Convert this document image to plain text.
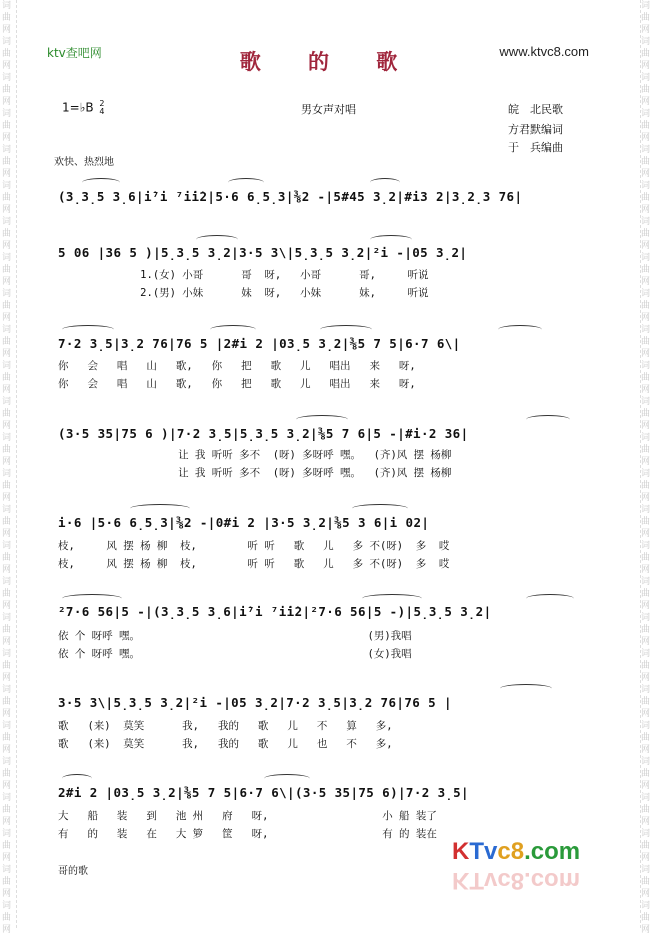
词曲网词曲网词曲网词曲网词曲网词曲网词曲网词曲网词曲网词曲网词曲网词曲网词曲网词曲网词曲网词曲网词曲网词曲网词曲网词曲网词曲网词曲网词曲网词曲网词曲网词曲网
词曲网词曲网词曲网词曲网词曲网词曲网词曲网词曲网词曲网词曲网词曲网词曲网词曲网词曲网词曲网词曲网词曲网词曲网词曲网词曲网词曲网词曲网词曲网词曲网词曲网词曲网
ktv查吧网	www.ktvc8.com
歌 的 歌
1=♭B 2
4	男女声对唱	皖　北民歌
方君默编词
于　兵编曲
欢快、热烈地
(3̣3̣5 3̣6|i̇⁷i ⁷i̇i̇2|5·6 6̣5̣3|⅜2 -|5#45 3̣2|#i3 2|3̣2̣3 76|
5 06 |36 5 )|5̣3̣5 3̣2|3·5 3\|5̣3̣5 3̣2|²i -|05 3̣2|
1.(女) 小哥      哥  呀,   小哥      哥,     听说
2.(男) 小妹      妹  呀,   小妹      妹,     听说
7·2 3̣5|3̣2 76|76 5 |2#i 2 |03̣5 3̣2|⅜5 7 5|6·7 6\|
你   会   唱   山   歌,   你   把   歌   儿   唱出   来   呀,
你   会   唱   山   歌,   你   把   歌   儿   唱出   来   呀,
(3·5 35|75 6 )|7·2 3̣5|5̣3̣5 3̣2|⅜5 7 6|5 -|#i·2 36|
让 我 听听 多不  (呀) 多呀呼 嘿。  (齐)风 摆 杨柳
让 我 听听 多不  (呀) 多呀呼 嘿。  (齐)风 摆 杨柳
i·6 |5·6 6̣5̣3|⅜2 -|0#i 2 |3·5 3̣2|⅜5 3 6|i 02|
枝,     风 摆 杨 柳  枝,        听 听   歌   儿   多 不(呀)  多  哎
枝,     风 摆 杨 柳  枝,        听 听   歌   儿   多 不(呀)  多  哎
²7·6 56|5 -|(3̣3̣5 3̣6|i̇⁷i ⁷i̇i̇2|²7·6 56|5 -)|5̣3̣5 3̣2|
依 个 呀呼 嘿。                                    (男)我唱
依 个 呀呼 嘿。                                    (女)我唱
3·5 3\|5̣3̣5 3̣2|²i -|05 3̣2|7·2 3̣5|3̣2 76|76 5 |
歌   (来)  莫笑      我,   我的   歌   儿   不   算   多,
歌   (来)  莫笑      我,   我的   歌   儿   也   不   多,
2#i 2 |03̣5 3̣2|⅜5 7 5|6·7 6\|(3·5 35|75 6)|7·2 3̣5|
大   船   装   到   池 州   府   呀,                  小 船 装了
有   的   装   在   大 箩   筐   呀,                  有 的 装在
哥的歌
KTvc8.com
KTvc8.com
